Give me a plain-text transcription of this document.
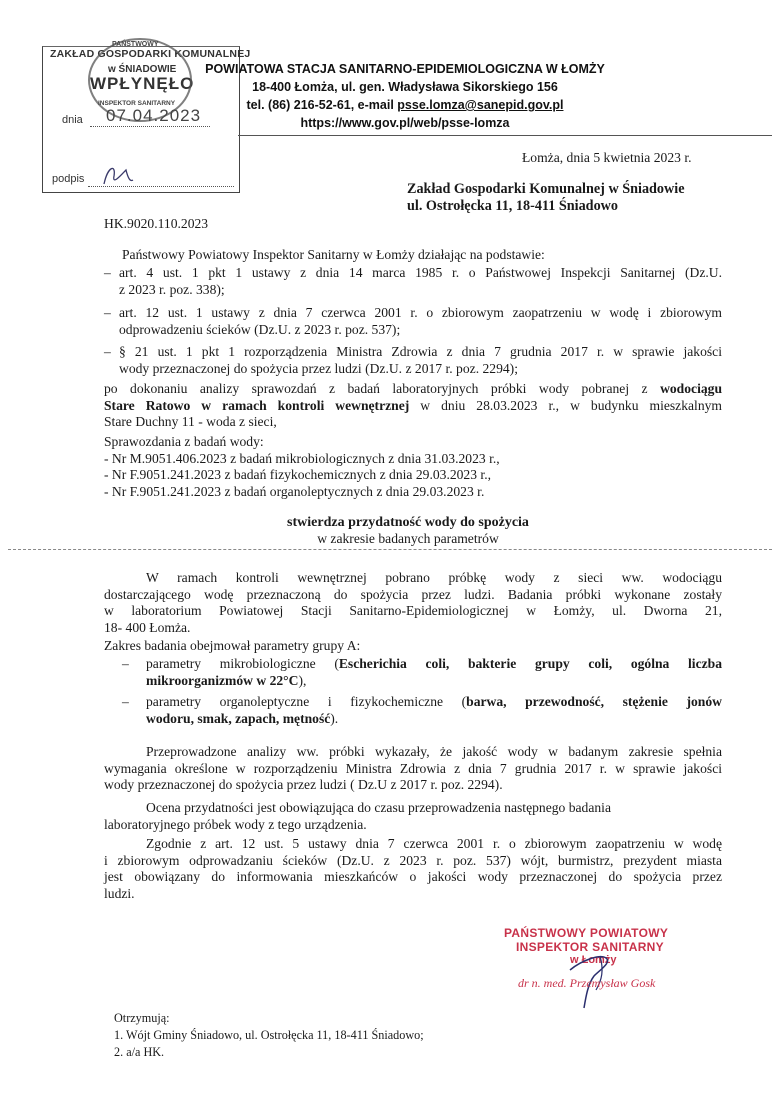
ZAKŁAD GOSPODARKI KOMUNALNEJ
w ŚNIADOWIE
WPŁYNĘŁO
PAŃSTWOWY
INSPEKTOR SANITARNY
dnia 07.04.2023
podpis
POWIATOWA STACJA SANITARNO-EPIDEMIOLOGICZNA W ŁOMŻY
18-400 Łomża, ul. gen. Władysława Sikorskiego 156
tel. (86) 216-52-61, e-mail psse.lomza@sanepid.gov.pl
https://www.gov.pl/web/psse-lomza
Łomża, dnia 5 kwietnia 2023 r.
Zakład Gospodarki Komunalnej w Śniadowie
ul. Ostrołęcka 11, 18-411 Śniadowo
HK.9020.110.2023
Państwowy Powiatowy Inspektor Sanitarny w Łomży działając na podstawie:
– art. 4 ust. 1 pkt 1 ustawy z dnia 14 marca 1985 r. o Państwowej Inspekcji Sanitarnej (Dz.U.
z 2023 r. poz. 338);
– art. 12 ust. 1 ustawy z dnia 7 czerwca 2001 r. o zbiorowym zaopatrzeniu w wodę i zbiorowym
odprowadzeniu ścieków (Dz.U. z 2023 r. poz. 537);
– § 21 ust. 1 pkt 1 rozporządzenia Ministra Zdrowia z dnia 7 grudnia 2017 r. w sprawie jakości
wody przeznaczonej do spożycia przez ludzi (Dz.U. z 2017 r. poz. 2294);
po dokonaniu analizy sprawozdań z badań laboratoryjnych próbki wody pobranej z wodociągu
Stare Ratowo w ramach kontroli wewnętrznej w dniu 28.03.2023 r., w budynku mieszkalnym
Stare Duchny 11 - woda z sieci,
Sprawozdania z badań wody:
- Nr M.9051.406.2023 z badań mikrobiologicznych z dnia 31.03.2023 r.,
- Nr F.9051.241.2023 z badań fizykochemicznych z dnia 29.03.2023 r.,
- Nr F.9051.241.2023 z badań organoleptycznych z dnia 29.03.2023 r.
stwierdza przydatność wody do spożycia
w zakresie badanych parametrów
W ramach kontroli wewnętrznej pobrano próbkę wody z sieci ww. wodociągu
dostarczającego wodę przeznaczoną do spożycia przez ludzi. Badania próbki wykonane zostały
w laboratorium Powiatowej Stacji Sanitarno-Epidemiologicznej w Łomży, ul. Dworna 21,
18- 400 Łomża.
Zakres badania obejmował parametry grupy A:
–	parametry mikrobiologiczne (Escherichia coli, bakterie grupy coli, ogólna liczba
mikroorganizmów w 22°C),
–	parametry organoleptyczne i fizykochemiczne (barwa, przewodność, stężenie jonów
wodoru, smak, zapach, mętność).
Przeprowadzone analizy ww. próbki wykazały, że jakość wody w badanym zakresie spełnia
wymagania określone w rozporządzeniu Ministra Zdrowia z dnia 7 grudnia 2017 r. w sprawie jakości
wody przeznaczonej do spożycia przez ludzi ( Dz.U z 2017 r. poz. 2294).
Ocena przydatności jest obowiązująca do czasu przeprowadzenia następnego badania
laboratoryjnego próbek wody z tego urządzenia.
Zgodnie z art. 12 ust. 5 ustawy dnia 7 czerwca 2001 r. o zbiorowym zaopatrzeniu w wodę
i zbiorowym odprowadzaniu ścieków (Dz.U. z 2023 r. poz. 537) wójt, burmistrz, prezydent miasta
jest obowiązany do informowania mieszkańców o jakości wody przeznaczonej do spożycia przez
ludzi.
PAŃSTWOWY POWIATOWY
INSPEKTOR SANITARNY
w Łomży
dr n. med. Przemysław Gosk
Otrzymują:
1. Wójt Gminy Śniadowo, ul. Ostrołęcka 11, 18-411 Śniadowo;
2. a/a HK.
